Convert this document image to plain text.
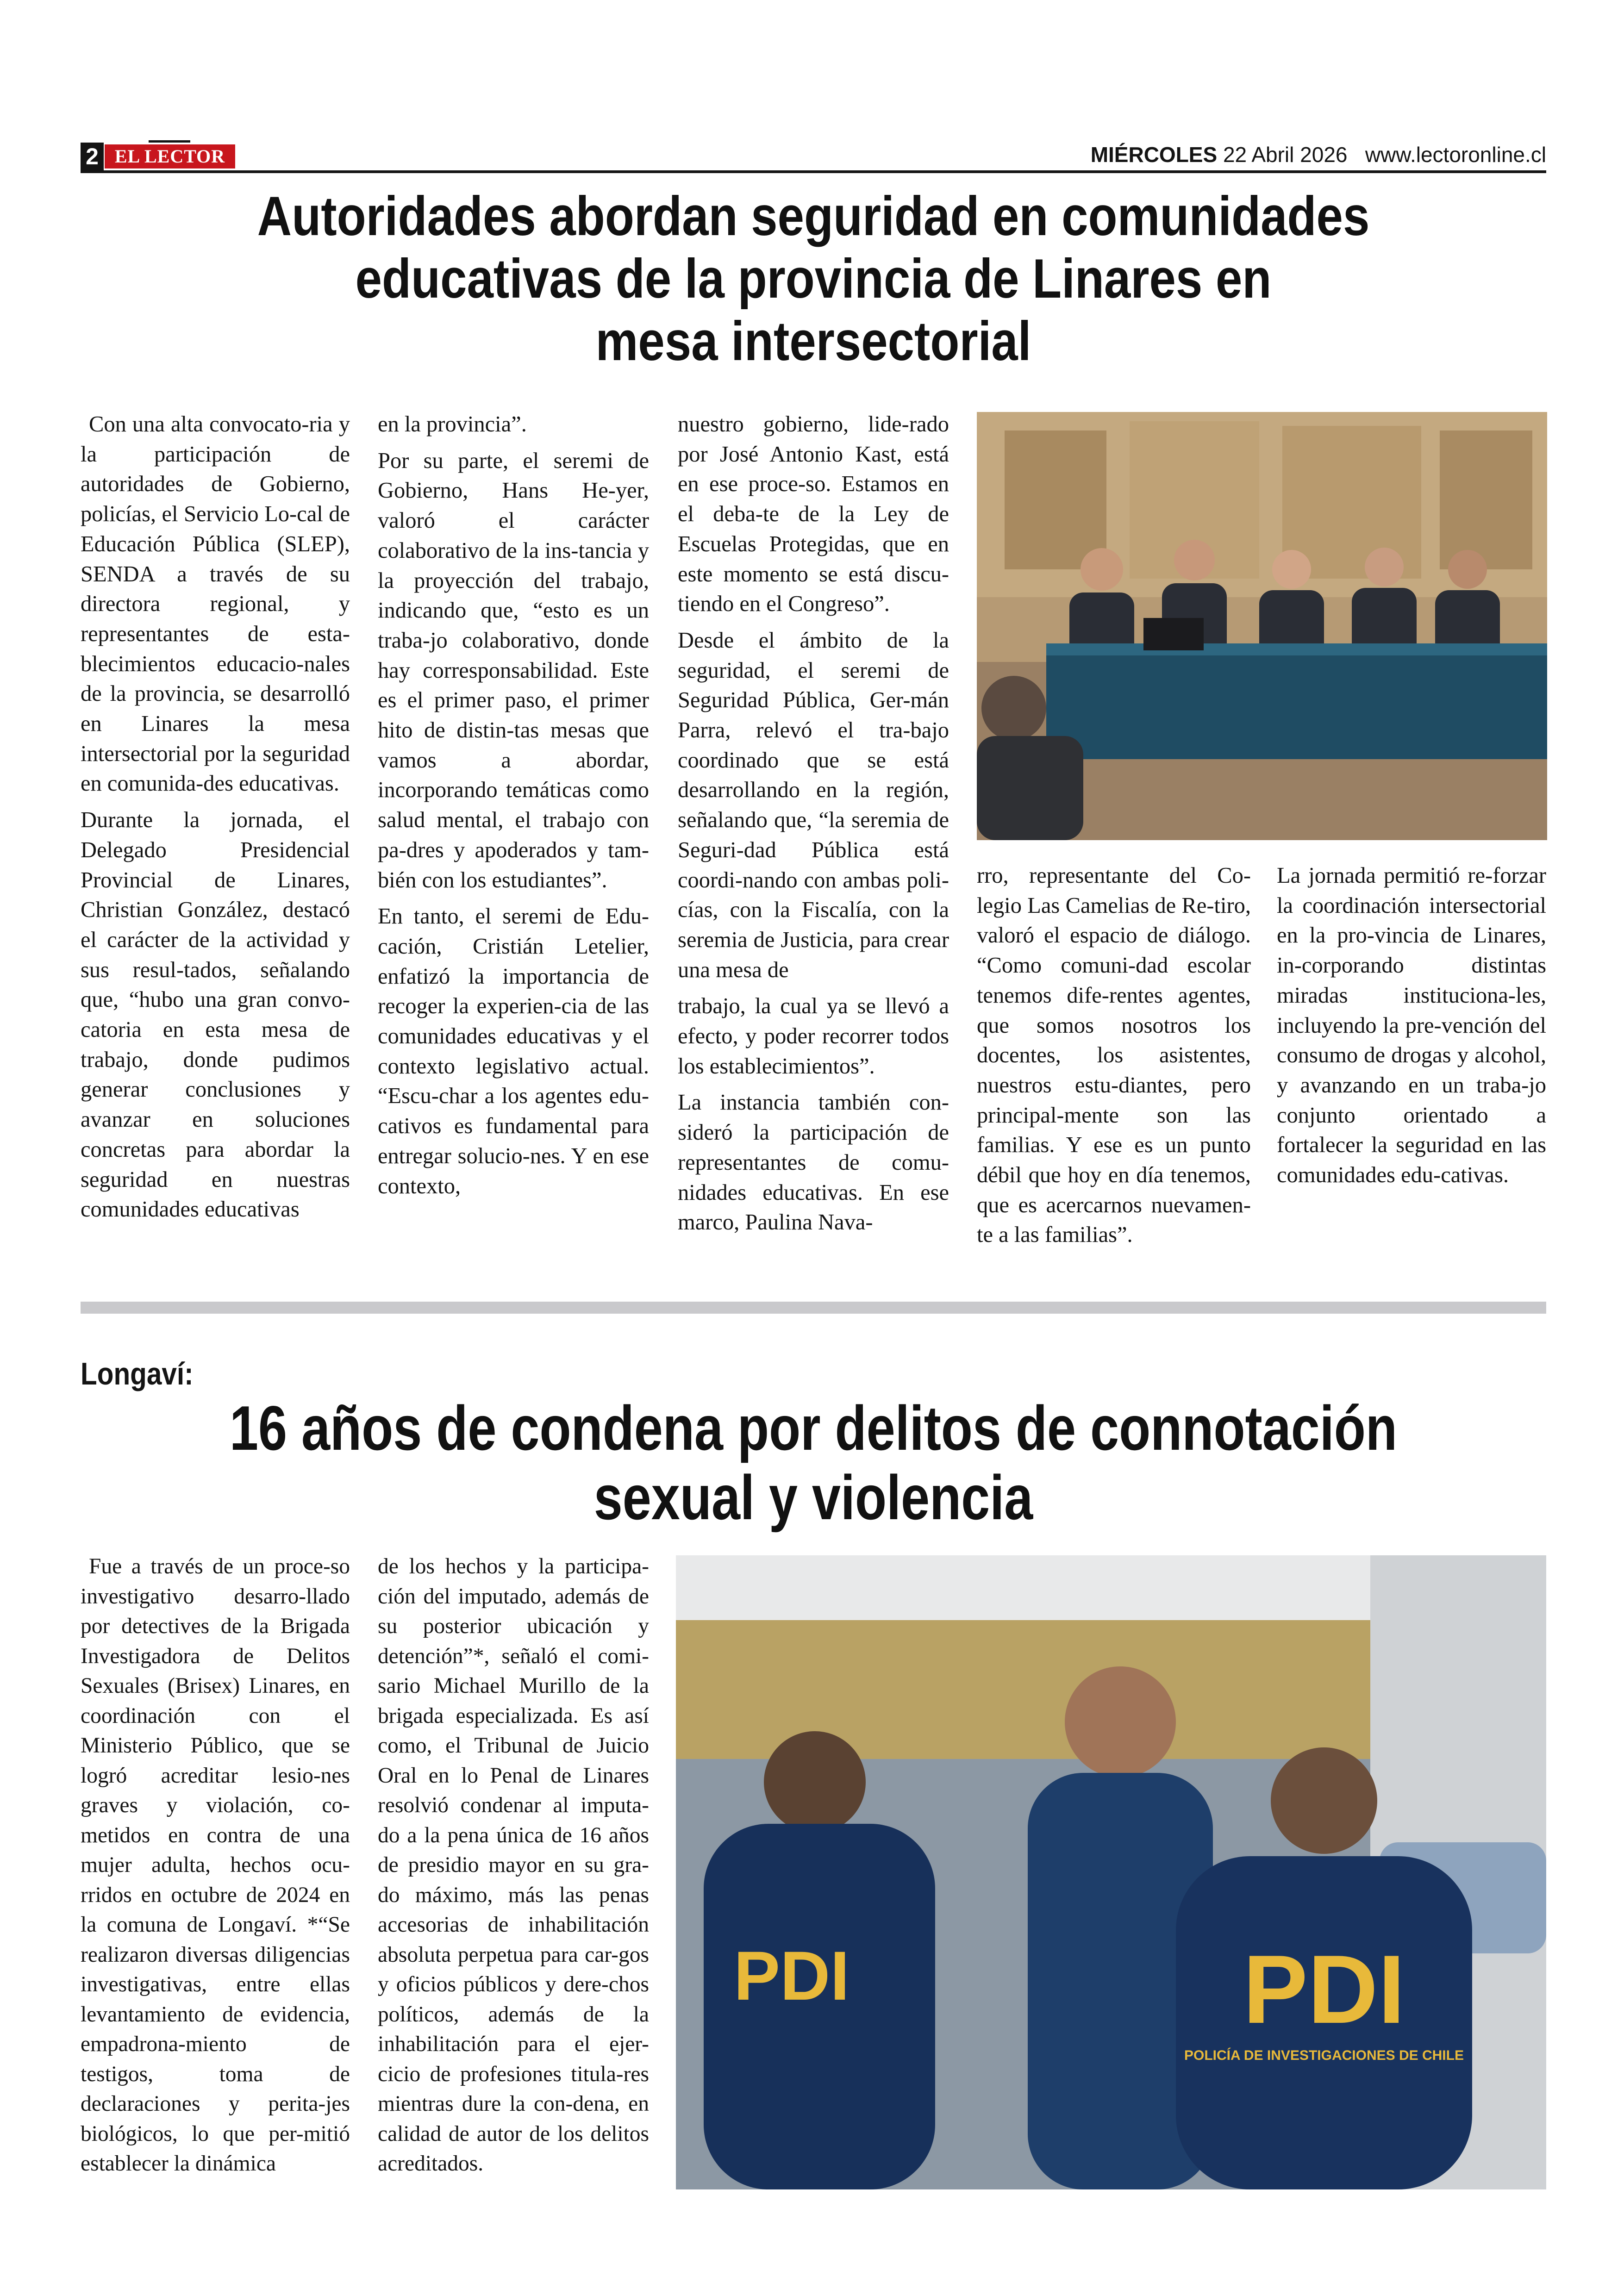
2 EL LECTOR	MIÉRCOLES 22 Abril 2026 www.lectoronline.cl
Autoridades abordan seguridad en comunidades
educativas de la provincia de Linares en
mesa intersectorial

Con una alta convocato-ria y la participación de autoridades de Gobierno, policías, el Servicio Lo-cal de Educación Pública (SLEP), SENDA a través de su directora regional, y representantes de esta-blecimientos educacio-nales de la provincia, se desarrolló en Linares la mesa intersectorial por la seguridad en comunida-des educativas.

Durante la jornada, el Delegado Presidencial Provincial de Linares, Christian González, destacó el carácter de la actividad y sus resul-tados, señalando que, “hubo una gran convo-catoria en esta mesa de trabajo, donde pudimos generar conclusiones y avanzar en soluciones concretas para abordar la seguridad en nuestras comunidades educativas

en la provincia”.

Por su parte, el seremi de Gobierno, Hans He-yer, valoró el carácter colaborativo de la ins-tancia y la proyección del trabajo, indicando que, “esto es un traba-jo colaborativo, donde hay corresponsabilidad. Este es el primer paso, el primer hito de distin-tas mesas que vamos a abordar, incorporando temáticas como salud mental, el trabajo con pa-dres y apoderados y tam-bién con los estudiantes”.

En tanto, el seremi de Edu-cación, Cristián Letelier, enfatizó la importancia de recoger la experien-cia de las comunidades educativas y el contexto legislativo actual. “Escu-char a los agentes edu-cativos es fundamental para entregar solucio-nes. Y en ese contexto,

nuestro gobierno, lide-rado por José Antonio Kast, está en ese proce-so. Estamos en el deba-te de la Ley de Escuelas Protegidas, que en este momento se está discu-tiendo en el Congreso”.

Desde el ámbito de la seguridad, el seremi de Seguridad Pública, Ger-mán Parra, relevó el tra-bajo coordinado que se está desarrollando en la región, señalando que, “la seremia de Seguri-dad Pública está coordi-nando con ambas poli-cías, con la Fiscalía, con la seremia de Justicia, para crear una mesa de

trabajo, la cual ya se llevó a efecto, y poder recorrer todos los establecimientos”.

La instancia también con-sideró la participación de representantes de comu-nidades educativas. En ese marco, Paulina Nava-

rro, representante del Co-legio Las Camelias de Re-tiro, valoró el espacio de diálogo. “Como comuni-dad escolar tenemos dife-rentes agentes, que somos nosotros los docentes, los asistentes, nuestros estu-diantes, pero principal-mente son las familias. Y ese es un punto débil que hoy en día tenemos, que es acercarnos nuevamen-te a las familias”.

La jornada permitió re-forzar la coordinación intersectorial en la pro-vincia de Linares, in-corporando distintas miradas instituciona-les, incluyendo la pre-vención del consumo de drogas y alcohol, y avanzando en un traba-jo conjunto orientado a fortalecer la seguridad en las comunidades edu-cativas.

Longaví:
16 años de condena por delitos de connotación
sexual y violencia

Fue a través de un proce-so investigativo desarro-llado por detectives de la Brigada Investigadora de Delitos Sexuales (Brisex) Linares, en coordinación con el Ministerio Público, que se logró acreditar lesio-nes graves y violación, co-metidos en contra de una mujer adulta, hechos ocu-rridos en octubre de 2024 en la comuna de Longaví. *“Se realizaron diversas diligencias investigativas, entre ellas levantamiento de evidencia, empadrona-miento de testigos, toma de declaraciones y perita-jes biológicos, lo que per-mitió establecer la dinámica

de los hechos y la participa-ción del imputado, además de su posterior ubicación y detención”*, señaló el comi-sario Michael Murillo de la brigada especializada. Es así como, el Tribunal de Juicio Oral en lo Penal de Linares resolvió condenar al imputa-do a la pena única de 16 años de presidio mayor en su gra-do máximo, más las penas accesorias de inhabilitación absoluta perpetua para car-gos y oficios públicos y dere-chos políticos, además de la inhabilitación para el ejer-cicio de profesiones titula-res mientras dure la con-dena, en calidad de autor de los delitos acreditados.

PDI
POLICÍA DE INVESTIGACIONES DE CHILE
PDI
